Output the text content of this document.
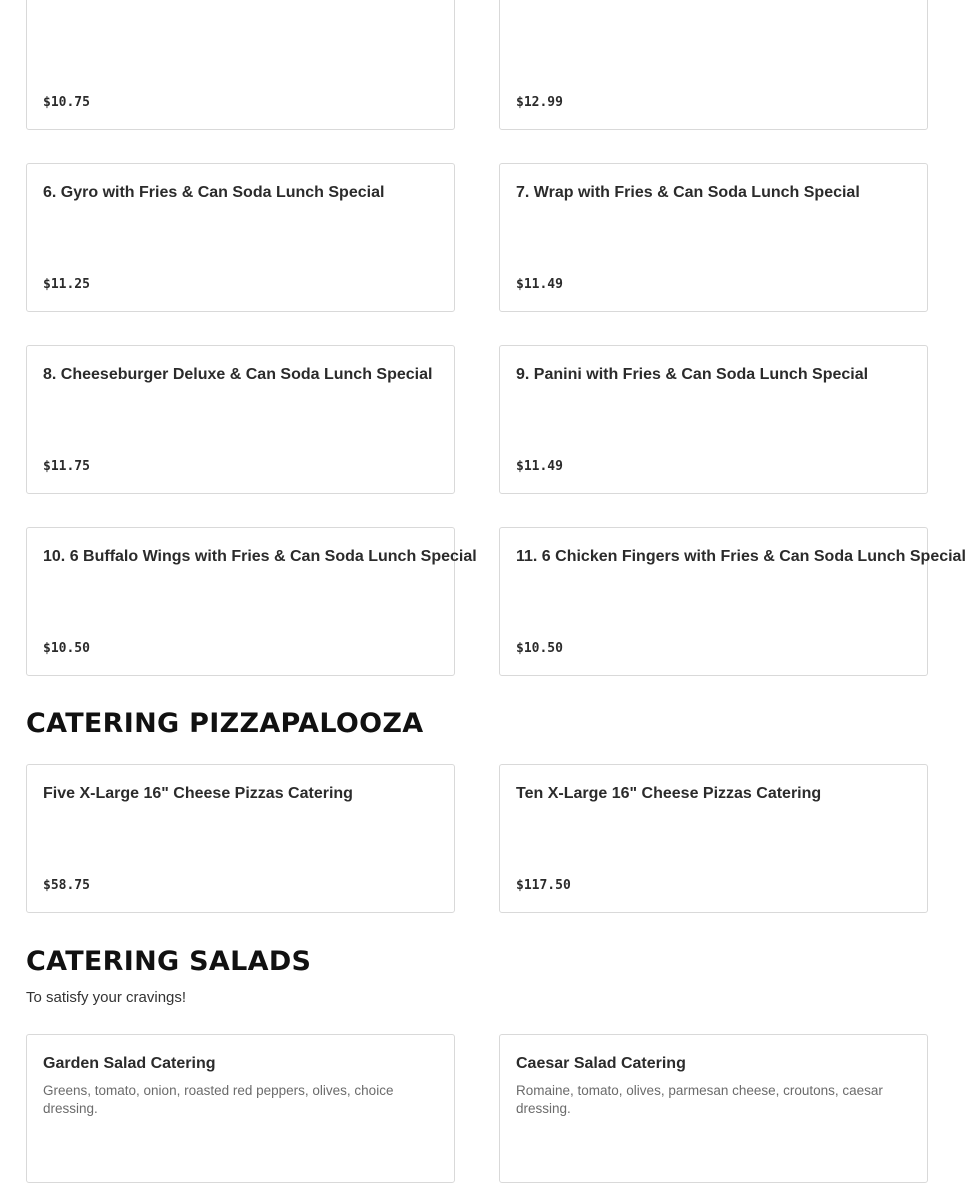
$10.75	$12.99
6. Gyro with Fries & Can Soda Lunch Special
$11.25
7. Wrap with Fries & Can Soda Lunch Special
$11.49
8. Cheeseburger Deluxe & Can Soda Lunch Special
$11.75
9. Panini with Fries & Can Soda Lunch Special
$11.49
10. 6 Buffalo Wings with Fries & Can Soda Lunch Special
$10.50
11. 6 Chicken Fingers with Fries & Can Soda Lunch Special
$10.50
CATERING PIZZAPALOOZA
Five X-Large 16" Cheese Pizzas Catering
$58.75
Ten X-Large 16" Cheese Pizzas Catering
$117.50
CATERING SALADS
To satisfy your cravings!
Garden Salad Catering
Greens, tomato, onion, roasted red peppers, olives, choice dressing.
Caesar Salad Catering
Romaine, tomato, olives, parmesan cheese, croutons, caesar dressing.
